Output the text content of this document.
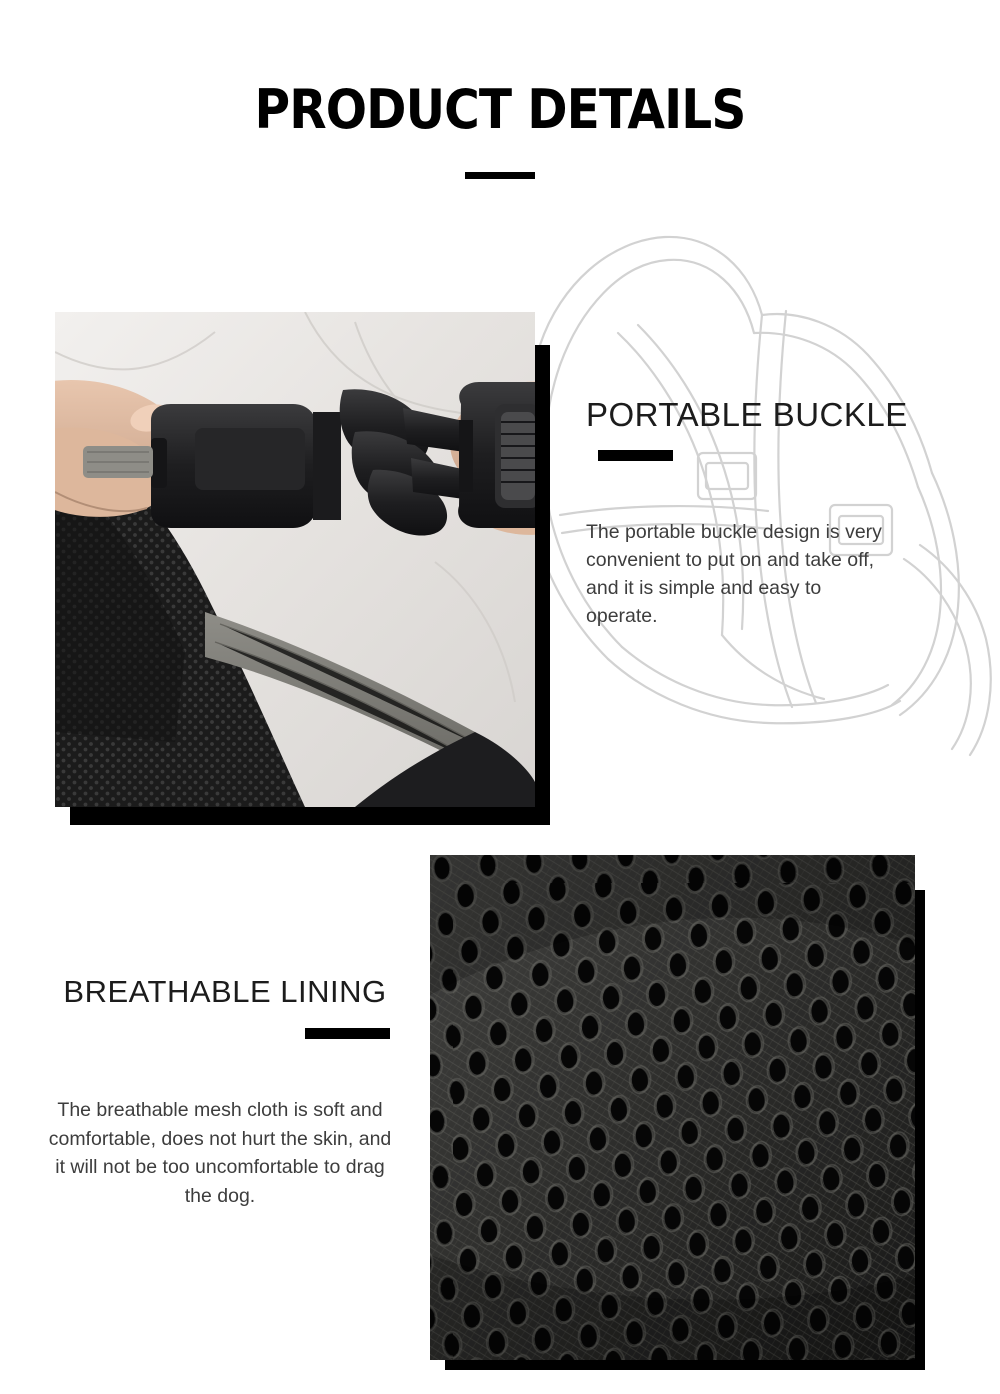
PRODUCT DETAILS
PORTABLE BUCKLE
The portable buckle design is very convenient to put on and take off, and it is simple and easy to operate.
BREATHABLE LINING
The breathable mesh cloth is soft and comfortable, does not hurt the skin, and it will not be too uncomfortable to drag the dog.
